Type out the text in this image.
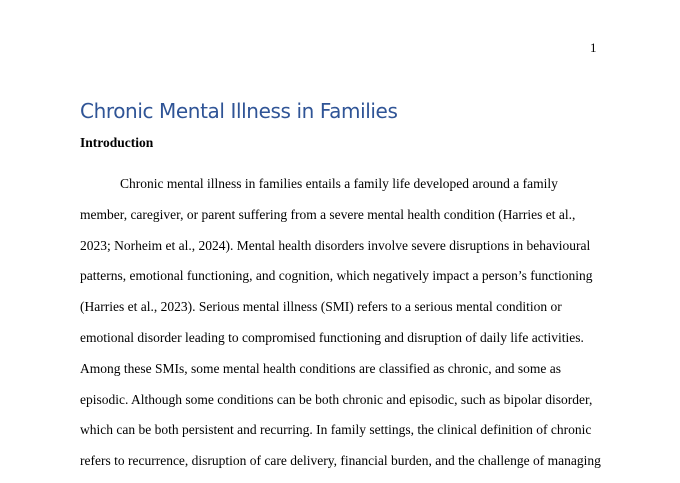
1
Chronic Mental Illness in Families
Introduction
Chronic mental illness in families entails a family life developed around a family
member, caregiver, or parent suffering from a severe mental health condition (Harries et al.,
2023; Norheim et al., 2024). Mental health disorders involve severe disruptions in behavioural
patterns, emotional functioning, and cognition, which negatively impact a person’s functioning
(Harries et al., 2023). Serious mental illness (SMI) refers to a serious mental condition or
emotional disorder leading to compromised functioning and disruption of daily life activities.
Among these SMIs, some mental health conditions are classified as chronic, and some as
episodic. Although some conditions can be both chronic and episodic, such as bipolar disorder,
which can be both persistent and recurring. In family settings, the clinical definition of chronic
refers to recurrence, disruption of care delivery, financial burden, and the challenge of managing
